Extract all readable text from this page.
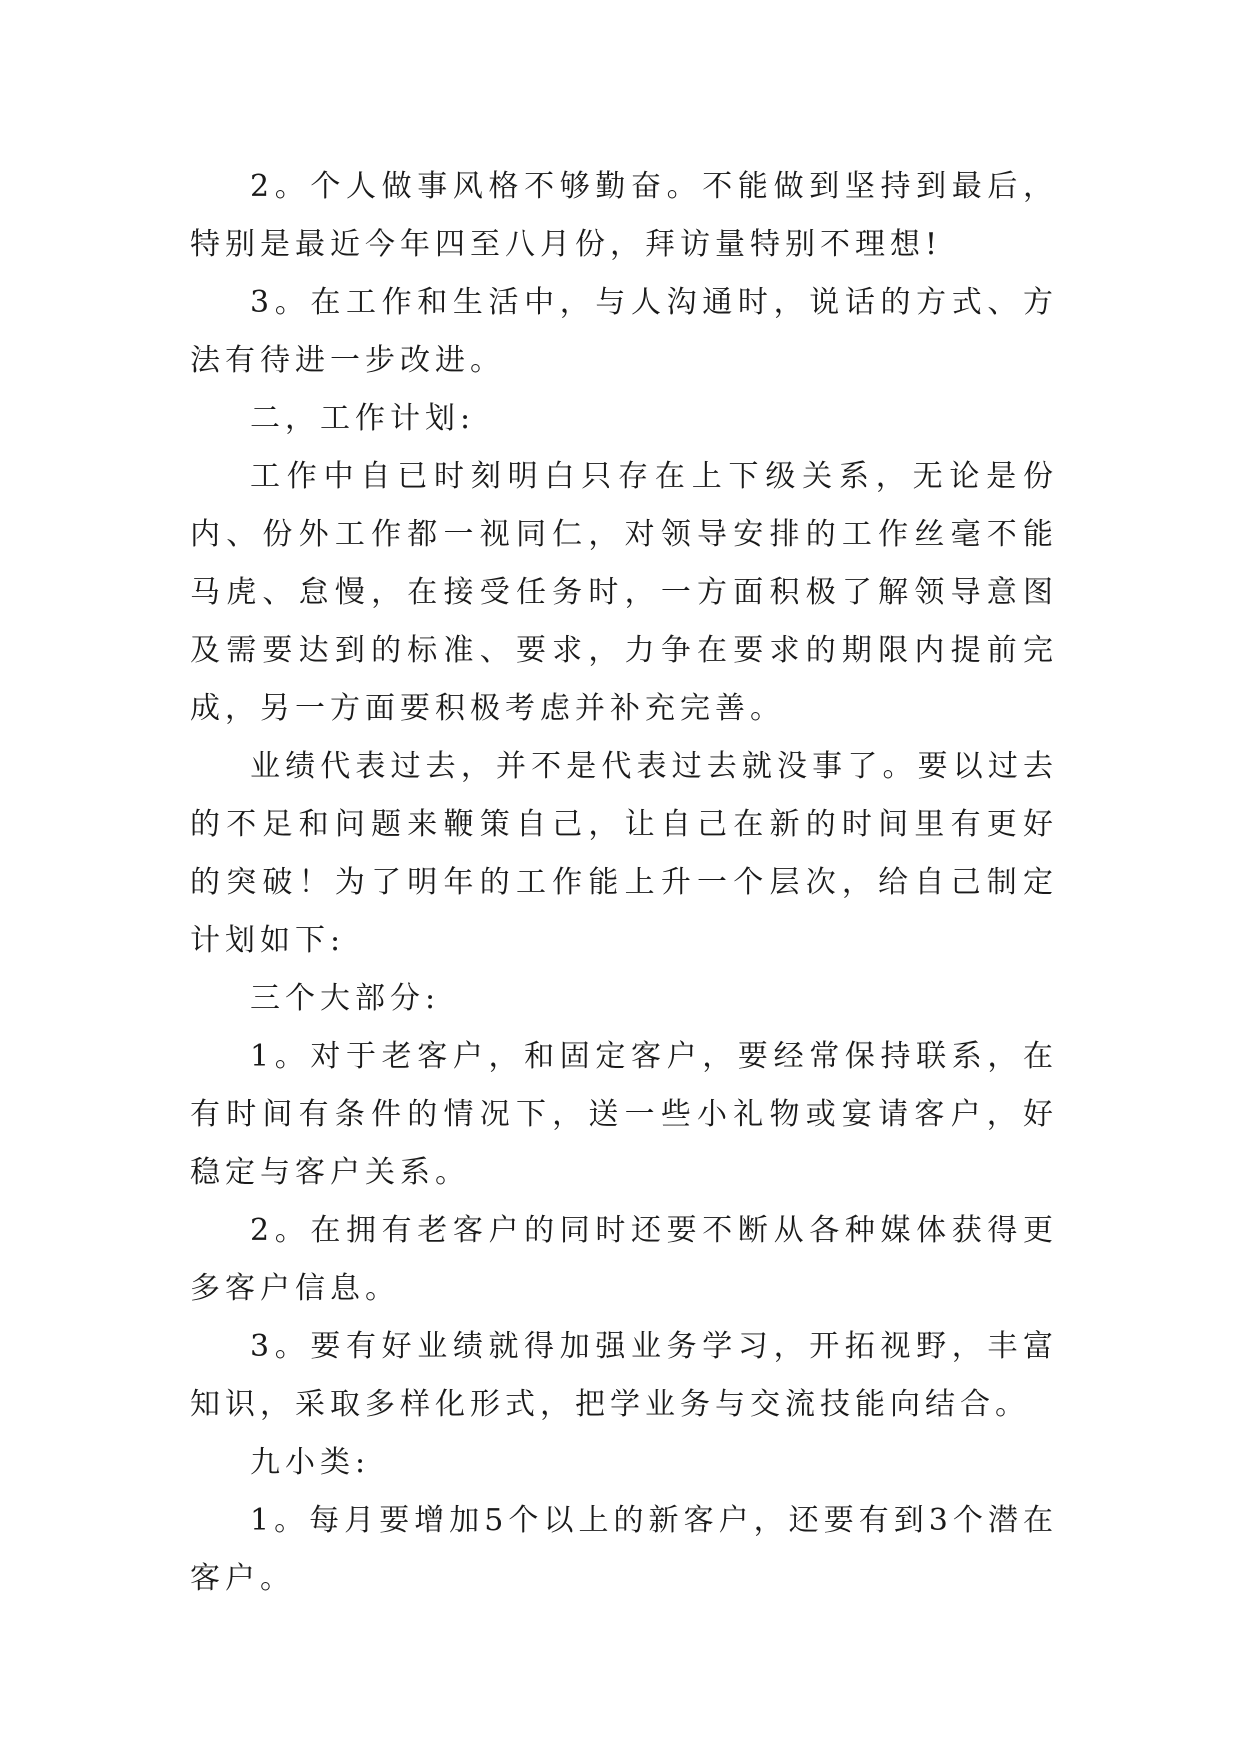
2。个人做事风格不够勤奋。不能做到坚持到最后，特别是最近今年四至八月份，拜访量特别不理想!

3。在工作和生活中，与人沟通时，说话的方式、方法有待进一步改进。

二，工作计划:

工作中自已时刻明白只存在上下级关系，无论是份内、份外工作都一视同仁，对领导安排的工作丝毫不能马虎、怠慢，在接受任务时，一方面积极了解领导意图及需要达到的标准、要求，力争在要求的期限内提前完成，另一方面要积极考虑并补充完善。

业绩代表过去，并不是代表过去就没事了。要以过去的不足和问题来鞭策自己，让自己在新的时间里有更好的突破！为了明年的工作能上升一个层次，给自己制定计划如下:

三个大部分:

1。对于老客户，和固定客户，要经常保持联系，在有时间有条件的情况下，送一些小礼物或宴请客户，好稳定与客户关系。

2。在拥有老客户的同时还要不断从各种媒体获得更多客户信息。

3。要有好业绩就得加强业务学习，开拓视野，丰富知识，采取多样化形式，把学业务与交流技能向结合。

九小类:

1。每月要增加5个以上的新客户，还要有到3个潜在客户。
